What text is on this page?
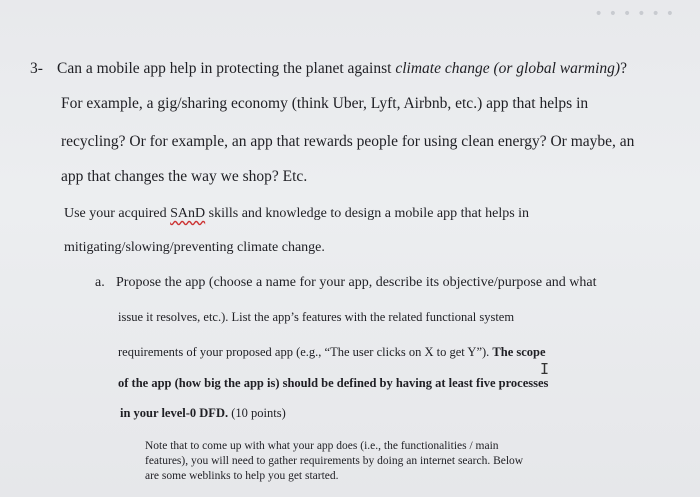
••••••
3- Can a mobile app help in protecting the planet against climate change (or global warming)?
For example, a gig/sharing economy (think Uber, Lyft, Airbnb, etc.) app that helps in
recycling? Or for example, an app that rewards people for using clean energy? Or maybe, an
app that changes the way we shop? Etc.
Use your acquired SAnD skills and knowledge to design a mobile app that helps in
mitigating/slowing/preventing climate change.
a. Propose the app (choose a name for your app, describe its objective/purpose and what
issue it resolves, etc.). List the app’s features with the related functional system
requirements of your proposed app (e.g., “The user clicks on X to get Y”). The scope
I
of the app (how big the app is) should be defined by having at least five processes
in your level-0 DFD. (10 points)
Note that to come up with what your app does (i.e., the functionalities / main
features), you will need to gather requirements by doing an internet search. Below
are some weblinks to help you get started.
